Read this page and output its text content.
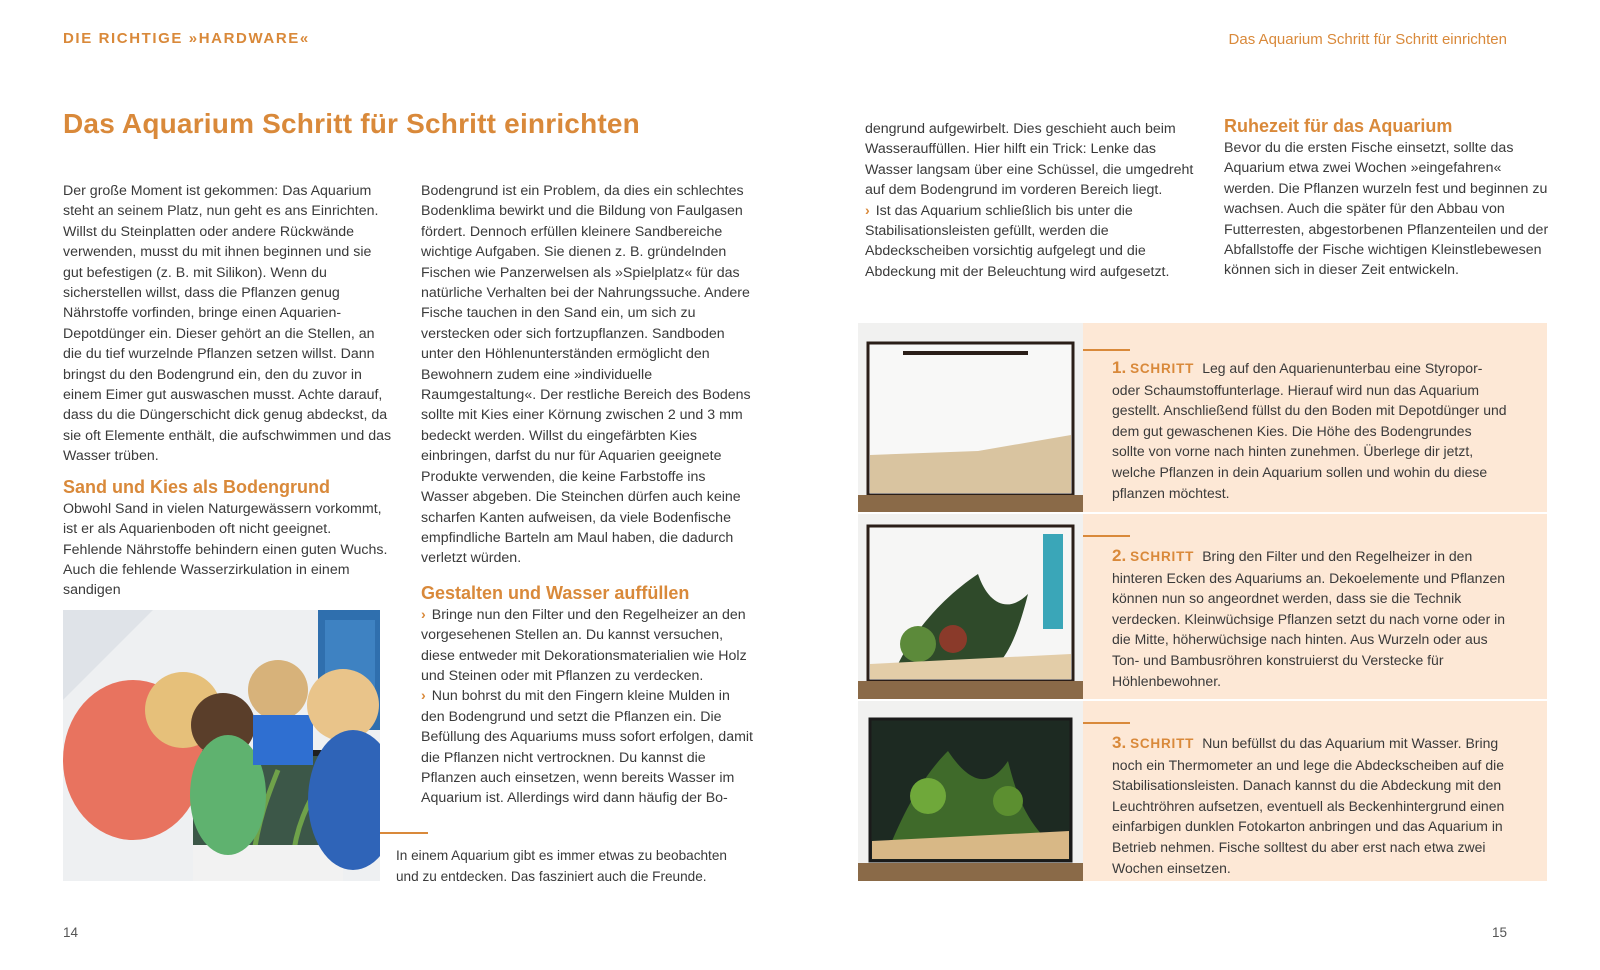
DIE RICHTIGE »HARDWARE«	Das Aquarium Schritt für Schritt einrichten
Das Aquarium Schritt für Schritt einrichten

Der große Moment ist gekommen: Das Aquarium steht an seinem Platz, nun geht es ans Einrichten. Willst du Steinplatten oder andere Rückwände verwenden, musst du mit ihnen beginnen und sie gut befestigen (z. B. mit Silikon). Wenn du sicherstellen willst, dass die Pflanzen genug Nährstoffe vorfinden, bringe einen Aquarien-Depotdünger ein. Dieser gehört an die Stellen, an die du tief wurzelnde Pflanzen setzen willst. Dann bringst du den Bodengrund ein, den du zuvor in einem Eimer gut auswaschen musst. Achte darauf, dass du die Düngerschicht dick genug abdeckst, da sie oft Elemente enthält, die aufschwimmen und das Wasser trüben.

Sand und Kies als Bodengrund

Obwohl Sand in vielen Naturgewässern vorkommt, ist er als Aquarienboden oft nicht geeignet. Fehlende Nährstoffe behindern einen guten Wuchs. Auch die fehlende Wasserzirkulation in einem sandigen

Bodengrund ist ein Problem, da dies ein schlechtes Bodenklima bewirkt und die Bildung von Faulgasen fördert. Dennoch erfüllen kleinere Sandbereiche wichtige Aufgaben. Sie dienen z. B. gründelnden Fischen wie Panzerwelsen als »Spielplatz« für das natürliche Verhalten bei der Nahrungssuche. Andere Fische tauchen in den Sand ein, um sich zu verstecken oder sich fortzupflanzen. Sandboden unter den Höhlenunterständen ermöglicht den Bewohnern zudem eine »individuelle Raumgestaltung«. Der restliche Bereich des Bodens sollte mit Kies einer Körnung zwischen 2 und 3 mm bedeckt werden. Willst du eingefärbten Kies einbringen, darfst du nur für Aquarien geeignete Produkte verwenden, die keine Farbstoffe ins Wasser abgeben. Die Steinchen dürfen auch keine scharfen Kanten aufweisen, da viele Bodenfische empfindliche Barteln am Maul haben, die dadurch verletzt würden.

Gestalten und Wasser auffüllen

› Bringe nun den Filter und den Regelheizer an den vorgesehenen Stellen an. Du kannst versuchen, diese entweder mit Dekorationsmaterialien wie Holz und Steinen oder mit Pflanzen zu verdecken.

› Nun bohrst du mit den Fingern kleine Mulden in den Bodengrund und setzt die Pflanzen ein. Die Befüllung des Aquariums muss sofort erfolgen, damit die Pflanzen nicht vertrocknen. Du kannst die Pflanzen auch einsetzen, wenn bereits Wasser im Aquarium ist. Allerdings wird dann häufig der Bo-

In einem Aquarium gibt es immer etwas zu beobachten und zu entdecken. Das fasziniert auch die Freunde.

dengrund aufgewirbelt. Dies geschieht auch beim Wasserauffüllen. Hier hilft ein Trick: Lenke das Wasser langsam über eine Schüssel, die umgedreht auf dem Bodengrund im vorderen Bereich liegt.

› Ist das Aquarium schließlich bis unter die Stabilisationsleisten gefüllt, werden die Abdeckscheiben vorsichtig aufgelegt und die Abdeckung mit der Beleuchtung wird aufgesetzt.

Ruhezeit für das Aquarium

Bevor du die ersten Fische einsetzt, sollte das Aquarium etwa zwei Wochen »eingefahren« werden. Die Pflanzen wurzeln fest und beginnen zu wachsen. Auch die später für den Abbau von Futterresten, abgestorbenen Pflanzenteilen und der Abfallstoffe der Fische wichtigen Kleinstlebewesen können sich in dieser Zeit entwickeln.

1. SCHRITT Leg auf den Aquarienunterbau eine Styropor- oder Schaumstoffunterlage. Hierauf wird nun das Aquarium gestellt. Anschließend füllst du den Boden mit Depotdünger und dem gut gewaschenen Kies. Die Höhe des Bodengrundes sollte von vorne nach hinten zunehmen. Überlege dir jetzt, welche Pflanzen in dein Aquarium sollen und wohin du diese pflanzen möchtest.
2. SCHRITT Bring den Filter und den Regelheizer in den hinteren Ecken des Aquariums an. Dekoelemente und Pflanzen können nun so angeordnet werden, dass sie die Technik verdecken. Kleinwüchsige Pflanzen setzt du nach vorne oder in die Mitte, höherwüchsige nach hinten. Aus Wurzeln oder aus Ton- und Bambusröhren konstruierst du Verstecke für Höhlenbewohner.
3. SCHRITT Nun befüllst du das Aquarium mit Wasser. Bring noch ein Thermometer an und lege die Abdeckscheiben auf die Stabilisationsleisten. Danach kannst du die Abdeckung mit den Leuchtröhren aufsetzen, eventuell als Beckenhintergrund einen einfarbigen dunklen Fotokarton anbringen und das Aquarium in Betrieb nehmen. Fische solltest du aber erst nach etwa zwei Wochen einsetzen.
14	15
